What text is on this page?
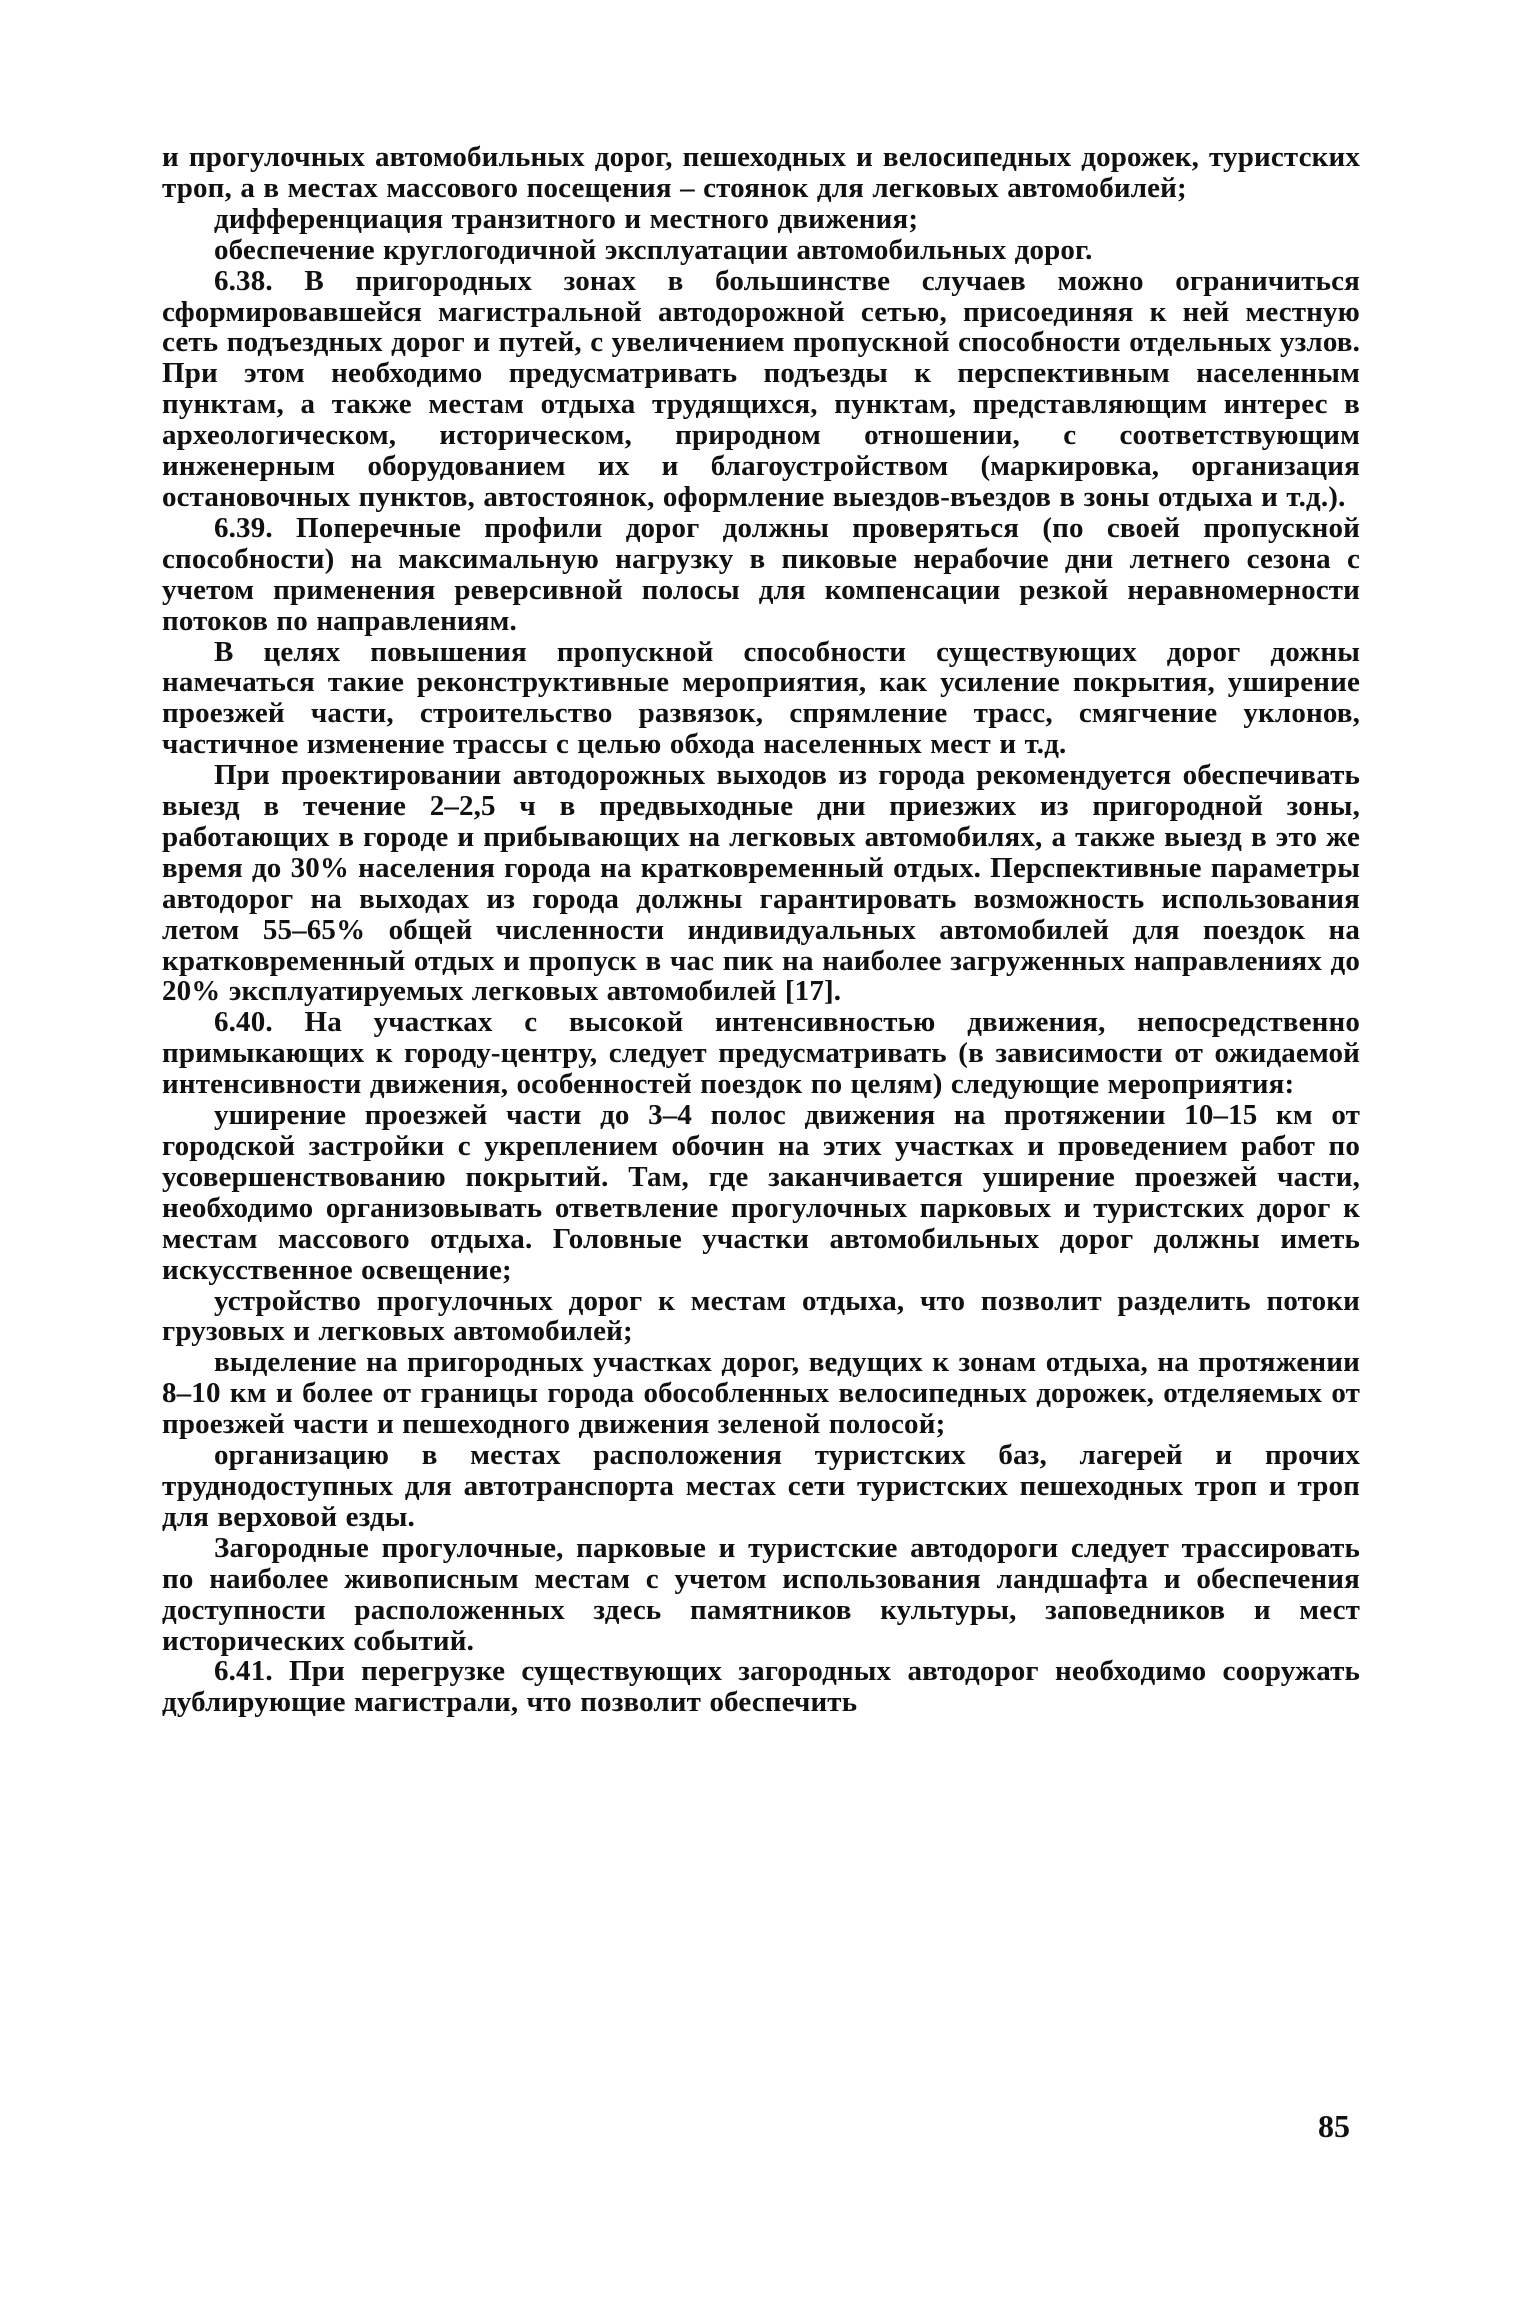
и прогулочных автомобильных дорог, пешеходных и велосипедных дорожек, туристских троп, а в местах массового посещения – стоянок для легковых автомобилей;

дифференциация транзитного и местного движения;

обеспечение круглогодичной эксплуатации автомобильных дорог.

6.38. В пригородных зонах в большинстве случаев можно ограничиться сформировавшейся магистральной автодорожной сетью, присоединяя к ней местную сеть подъездных дорог и путей, с увеличением пропускной способности отдельных узлов. При этом необходимо предусматривать подъезды к перспективным населенным пунктам, а также местам отдыха трудящихся, пунктам, представляющим интерес в археологическом, историческом, природном отношении, с соответствующим инженерным оборудованием их и благоустройством (маркировка, организация остановочных пунктов, автостоянок, оформление выездов-въездов в зоны отдыха и т.д.).

6.39. Поперечные профили дорог должны проверяться (по своей пропускной способности) на максимальную нагрузку в пиковые нерабочие дни летнего сезона с учетом применения реверсивной полосы для компенсации резкой неравномерности потоков по направлениям.

В целях повышения пропускной способности существующих дорог дожны намечаться такие реконструктивные мероприятия, как усиление покрытия, уширение проезжей части, строительство развязок, спрямление трасс, смягчение уклонов, частичное изменение трассы с целью обхода населенных мест и т.д.

При проектировании автодорожных выходов из города рекомендуется обеспечивать выезд в течение 2–2,5 ч в предвыходные дни приезжих из пригородной зоны, работающих в городе и прибывающих на легковых автомобилях, а также выезд в это же время до 30% населения города на кратковременный отдых. Перспективные параметры автодорог на выходах из города должны гарантировать возможность использования летом 55–65% общей численности индивидуальных автомобилей для поездок на кратковременный отдых и пропуск в час пик на наиболее загруженных направлениях до 20% эксплуатируемых легковых автомобилей [17].

6.40. На участках с высокой интенсивностью движения, непосредственно примыкающих к городу-центру, следует предусматривать (в зависимости от ожидаемой интенсивности движения, особенностей поездок по целям) следующие мероприятия:

уширение проезжей части до 3–4 полос движения на протяжении 10–15 км от городской застройки с укреплением обочин на этих участках и проведением работ по усовершенствованию покрытий. Там, где заканчивается уширение проезжей части, необходимо организовывать ответвление прогулочных парковых и туристских дорог к местам массового отдыха. Головные участки автомобильных дорог должны иметь искусственное освещение;

устройство прогулочных дорог к местам отдыха, что позволит разделить потоки грузовых и легковых автомобилей;

выделение на пригородных участках дорог, ведущих к зонам отдыха, на протяжении 8–10 км и более от границы города обособленных велосипедных дорожек, отделяемых от проезжей части и пешеходного движения зеленой полосой;

организацию в местах расположения туристских баз, лагерей и прочих труднодоступных для автотранспорта местах сети туристских пешеходных троп и троп для верховой езды.

Загородные прогулочные, парковые и туристские автодороги следует трассировать по наиболее живописным местам с учетом использования ландшафта и обеспечения доступности расположенных здесь памятников культуры, заповедников и мест исторических событий.

6.41. При перегрузке существующих загородных автодорог необходимо сооружать дублирующие магистрали, что позволит обеспечить

85
